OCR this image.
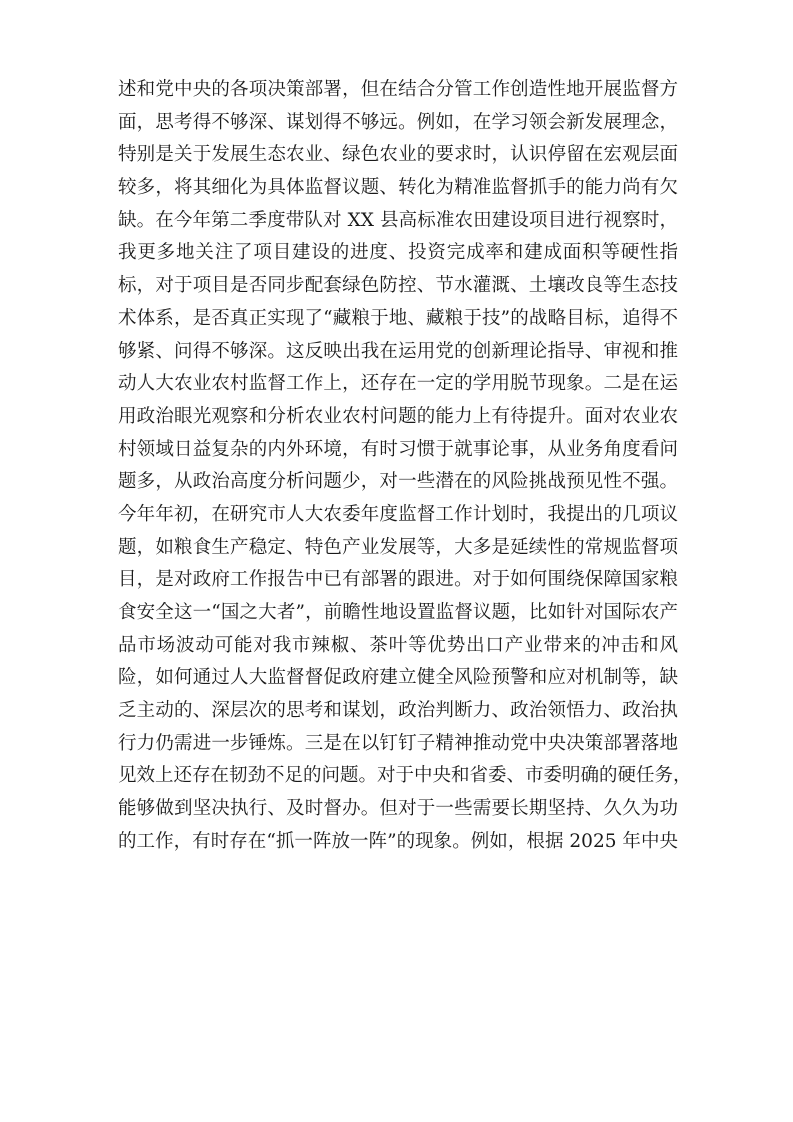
述和党中央的各项决策部署，但在结合分管工作创造性地开展监督方
面，思考得不够深、谋划得不够远。例如，在学习领会新发展理念，
特别是关于发展生态农业、绿色农业的要求时，认识停留在宏观层面
较多，将其细化为具体监督议题、转化为精准监督抓手的能力尚有欠
缺。在今年第二季度带队对 XX 县高标准农田建设项目进行视察时，
我更多地关注了项目建设的进度、投资完成率和建成面积等硬性指
标，对于项目是否同步配套绿色防控、节水灌溉、土壤改良等生态技
术体系，是否真正实现了“藏粮于地、藏粮于技”的战略目标，追得不
够紧、问得不够深。这反映出我在运用党的创新理论指导、审视和推
动人大农业农村监督工作上，还存在一定的学用脱节现象。二是在运
用政治眼光观察和分析农业农村问题的能力上有待提升。面对农业农
村领域日益复杂的内外环境，有时习惯于就事论事，从业务角度看问
题多，从政治高度分析问题少，对一些潜在的风险挑战预见性不强。
今年年初，在研究市人大农委年度监督工作计划时，我提出的几项议
题，如粮食生产稳定、特色产业发展等，大多是延续性的常规监督项
目，是对政府工作报告中已有部署的跟进。对于如何围绕保障国家粮
食安全这一“国之大者”，前瞻性地设置监督议题，比如针对国际农产
品市场波动可能对我市辣椒、茶叶等优势出口产业带来的冲击和风
险，如何通过人大监督督促政府建立健全风险预警和应对机制等，缺
乏主动的、深层次的思考和谋划，政治判断力、政治领悟力、政治执
行力仍需进一步锤炼。三是在以钉钉子精神推动党中央决策部署落地
见效上还存在韧劲不足的问题。对于中央和省委、市委明确的硬任务，
能够做到坚决执行、及时督办。但对于一些需要长期坚持、久久为功
的工作，有时存在“抓一阵放一阵”的现象。例如，根据 2025 年中央
